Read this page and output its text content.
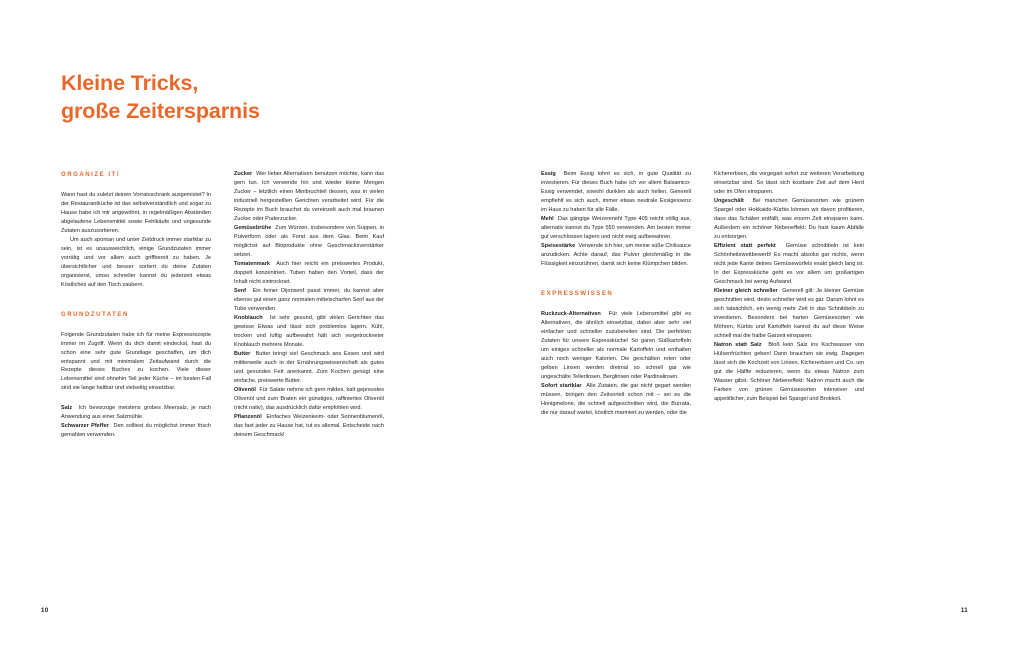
Kleine Tricks,
große Zeitersparnis
ORGANIZE IT!

Wann hast du zuletzt deinen Vorratsschrank ausgemistet? In der Restaurantküche ist das selbstverständlich und sogar zu Hause habe ich mir angewöhnt, in regelmäßigen Abständen abgelaufene Lebensmittel sowie Fehlkäufe und ungesunde Zutaten auszusortieren.

Um auch spontan und unter Zeitdruck immer startklar zu sein, ist es unausweichlich, einige Grundzutaten immer vorrätig und vor allem auch griffbereit zu haben. Je übersichtlicher und besser sortiert du deine Zutaten organisierst, umso schneller kannst du jederzeit etwas Köstliches auf den Tisch zaubern.

GRUNDZUTATEN

Folgende Grundzutaten habe ich für meine Expressrezepte immer im Zugriff. Wenn du dich damit eindeckst, hast du schon eine sehr gute Grundlage geschaffen, um dich entspannt und mit minimalem Zeitaufwand durch die Rezepte dieses Buches zu kochen. Viele dieser Lebensmittel sind ohnehin Teil jeder Küche – im besten Fall sind sie lange haltbar und vielseitig einsetzbar.

Salz Ich bevorzuge meistens grobes Meersalz, je nach Anwendung aus einer Salzmühle.

Schwarzer Pfeffer Den solltest du möglichst immer frisch gemahlen verwenden.

Zucker Wer lieber Alternativen benutzen möchte, kann das gern tun. Ich verwende hin und wieder kleine Mengen Zucker – letztlich einen Minibruchteil dessen, was in vielen industriell hergestellten Gerichten verarbeitet wird. Für die Rezepte im Buch brauchst du vereinzelt auch mal braunen Zucker oder Puderzucker.

Gemüsebrühe Zum Würzen, insbesondere von Suppen, in Pulverform oder als Fond aus dem Glas. Beim Kauf möglichst auf Bioprodukte ohne Geschmacksverstärker setzen.

Tomatenmark Auch hier reicht ein preiswertes Produkt, doppelt konzentriert. Tuben haben den Vorteil, dass der Inhalt nicht eintrocknet.

Senf Ein feiner Dijonsenf passt immer, du kannst aber ebenso gut einen ganz normalen mittelscharfen Senf aus der Tube verwenden.

Knoblauch Ist sehr gesund, gibt vielen Gerichten das gewisse Etwas und lässt sich problemlos lagern. Kühl, trocken und luftig aufbewahrt hält sich vorgetrockneter Knoblauch mehrere Monate.

Butter Butter bringt viel Geschmack ans Essen und wird mittlerweile auch in der Ernährungswissenschaft als gutes und gesundes Fett anerkannt. Zum Kochen genügt eine einfache, preiswerte Butter.

Olivenöl Für Salate nehme ich gern mildes, kalt gepresstes Olivenöl und zum Braten ein günstiges, raffiniertes Olivenöl (nicht nativ), das ausdrücklich dafür empfohlen wird.

Pflanzenöl Einfaches Weizenkeim- oder Sonnenblumenöl, das fast jeder zu Hause hat, tut es allemal. Entscheide nach deinem Geschmack!

Essig Beim Essig lohnt es sich, in gute Qualität zu investieren. Für dieses Buch habe ich vor allem Balsamico-Essig verwendet, sowohl dunklen als auch hellen. Generell empfiehlt es sich auch, immer etwas neutrale Essigessenz im Haus zu haben für alle Fälle.

Mehl Das gängige Weizenmehl Type 405 reicht völlig aus, alternativ kannst du Type 550 verwenden. Am besten immer gut verschlossen lagern und nicht ewig aufbewahren.

Speisestärke Verwende ich hier, um meine süße Chilisauce anzudicken. Achte darauf, das Pulver gleichmäßig in die Flüssigkeit einzurühren, damit sich keine Klümpchen bilden.

EXPRESSWISSEN

Ruckzuck-Alternativen Für viele Lebensmittel gibt es Alternativen, die ähnlich einsetzbar, dabei aber sehr viel einfacher und schneller zuzubereiten sind. Die perfekten Zutaten für unsere Expressküche! So garen Süßkartoffeln um einiges schneller als normale Kartoffeln und enthalten auch noch weniger Kalorien. Die geschälten roten oder gelben Linsen werden dreimal so schnell gar wie ungeschälte Tellerlinsen, Berglinsen oder Pardinalinsen.

Sofort startklar Alle Zutaten, die gar nicht gegart werden müssen, bringen den Zeitvorteil schon mit – sei es die Honigmelone, die schnell aufgeschnitten wird, die Burrata, die nur darauf wartet, köstlich mariniert zu werden, oder die

Kichererbsen, die vorgegart sofort zur weiteren Verarbeitung einsetzbar sind. So lässt sich kostbare Zeit auf dem Herd oder im Ofen einsparen.

Ungeschält Bei manchen Gemüsesorten wie grünem Spargel oder Hokkaido-Kürbis können wir davon profitieren, dass das Schälen entfällt, was enorm Zeit einsparen kann. Außerdem ein schöner Nebeneffekt: Du hast kaum Abfälle zu entsorgen.

Effizient statt perfekt Gemüse schnibbeln ist kein Schönheitswettbewerb! Es macht absolut gar nichts, wenn nicht jede Kante deines Gemüsewürfels exakt gleich lang ist. In der Expressküche geht es vor allem um großartigen Geschmack bei wenig Aufwand.

Kleiner gleich schneller Generell gilt: Je kleiner Gemüse geschnitten wird, desto schneller wird es gar. Darum lohnt es sich tatsächlich, ein wenig mehr Zeit in das Schnibbeln zu investieren. Besonders bei harten Gemüsesorten wie Möhren, Kürbis und Kartoffeln kannst du auf diese Weise schnell mal die halbe Garzeit einsparen.

Natron statt Salz Bloß kein Salz ins Kochwasser von Hülsenfrüchten geben! Dann brauchen sie ewig. Dagegen lässt sich die Kochzeit von Linsen, Kichererbsen und Co. um gut die Hälfte reduzieren, wenn du etwas Natron zum Wasser gibst. Schöner Nebeneffekt: Natron macht auch die Farben von grünen Gemüsesorten intensiver und appetitlicher, zum Beispiel bei Spargel und Brokkoli.

10	11
